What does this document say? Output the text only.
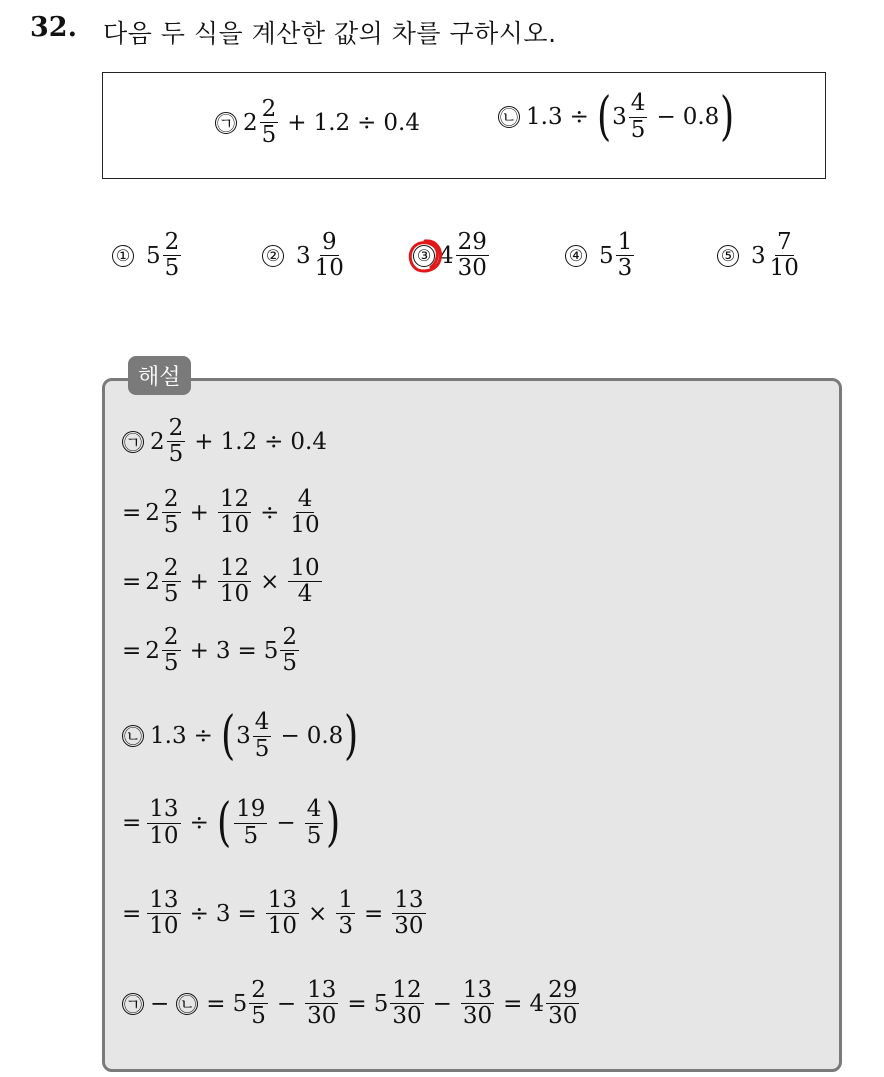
32. 다음 두 식을 계산한 값의 차를 구하시오.
㉠ $2 \frac{2}{5} + 1.2 \div 0.4$	㉡ 1.3 ÷ ( $3 \frac{4}{5} - 0.8$ )
① $5 \frac{2}{5}$	② $3 \frac{9}{10}$	③ $4 \frac{29}{30}$	④ $5 \frac{1}{3}$	⑤ $3 \frac{7}{10}$
해설
㉠ $2 \frac{2}{5} + 1.2 \div 0.4$
= $2 \frac{2}{5} + \frac{12}{10} \div \frac{4}{10}$
= $2 \frac{2}{5} + \frac{12}{10} \times \frac{10}{4}$
= $2 \frac{2}{5} + 3 = 5 \frac{2}{5}$
㉡ 1.3 ÷ ( $3 \frac{4}{5} - 0.8$ )
= $\frac{13}{10}$ ÷ ( $\frac{19}{5} - \frac{4}{5}$ )
= $\frac{13}{10} \div 3 = \frac{13}{10} \times \frac{1}{3} = \frac{13}{30}$
㉠ − ㉡ = $5 \frac{2}{5} - \frac{13}{30} = 5 \frac{12}{30} - \frac{13}{30} = 4 \frac{29}{30}$
